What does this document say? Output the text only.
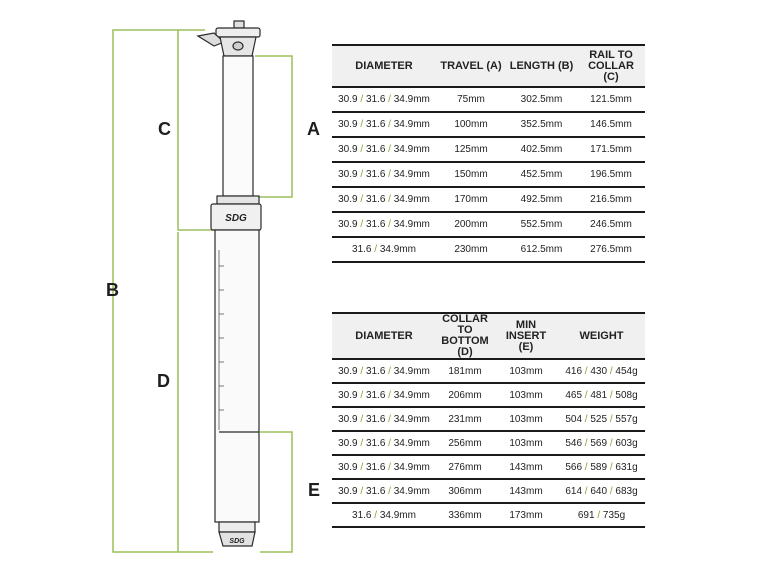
SDG
SDG
C	A
B
D
E
DIAMETER	TRAVEL (A)	LENGTH (B)	RAIL TO COLLAR (C)
30.9 / 31.6 / 34.9mm	75mm	302.5mm	121.5mm
30.9 / 31.6 / 34.9mm	100mm	352.5mm	146.5mm
30.9 / 31.6 / 34.9mm	125mm	402.5mm	171.5mm
30.9 / 31.6 / 34.9mm	150mm	452.5mm	196.5mm
30.9 / 31.6 / 34.9mm	170mm	492.5mm	216.5mm
30.9 / 31.6 / 34.9mm	200mm	552.5mm	246.5mm
31.6 / 34.9mm	230mm	612.5mm	276.5mm
DIAMETER	COLLAR TO BOTTOM (D)	MIN INSERT (E)	WEIGHT
30.9 / 31.6 / 34.9mm	181mm	103mm	416 / 430 / 454g
30.9 / 31.6 / 34.9mm	206mm	103mm	465 / 481 / 508g
30.9 / 31.6 / 34.9mm	231mm	103mm	504 / 525 / 557g
30.9 / 31.6 / 34.9mm	256mm	103mm	546 / 569 / 603g
30.9 / 31.6 / 34.9mm	276mm	143mm	566 / 589 / 631g
30.9 / 31.6 / 34.9mm	306mm	143mm	614 / 640 / 683g
31.6 / 34.9mm	336mm	173mm	691 / 735g
